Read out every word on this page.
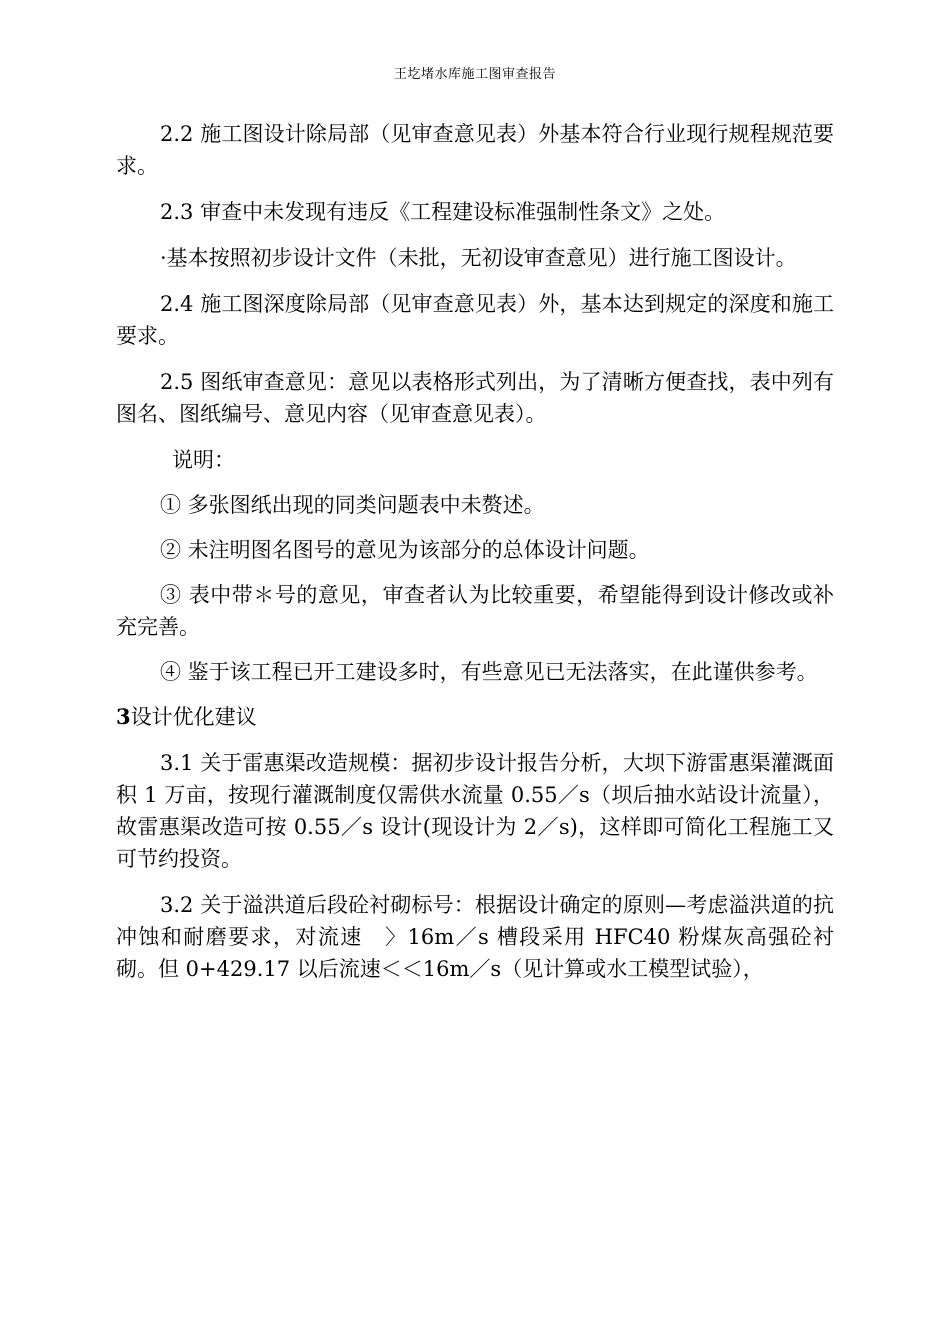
王圪堵水库施工图审查报告

2.2 施工图设计除局部（见审查意见表）外基本符合行业现行规程规范要求。

2.3 审查中未发现有违反《工程建设标准强制性条文》之处。

·基本按照初步设计文件（未批，无初设审查意见）进行施工图设计。

2.4 施工图深度除局部（见审查意见表）外，基本达到规定的深度和施工要求。

2.5 图纸审查意见：意见以表格形式列出，为了清晰方便查找，表中列有图名、图纸编号、意见内容（见审查意见表）。

说明：

① 多张图纸出现的同类问题表中未赘述。

② 未注明图名图号的意见为该部分的总体设计问题。

③ 表中带＊号的意见，审查者认为比较重要，希望能得到设计修改或补充完善。

④ 鉴于该工程已开工建设多时，有些意见已无法落实，在此谨供参考。

3设计优化建议

3.1 关于雷惠渠改造规模：据初步设计报告分析，大坝下游雷惠渠灌溉面积 1 万亩，按现行灌溉制度仅需供水流量 0.55／s（坝后抽水站设计流量），故雷惠渠改造可按 0.55／s 设计(现设计为 2／s)，这样即可简化工程施工又可节约投资。

3.2 关于溢洪道后段砼衬砌标号：根据设计确定的原则—考虑溢洪道的抗冲蚀和耐磨要求，对流速　〉16m／s 槽段采用 HFC40 粉煤灰高强砼衬砌。但 0+429.17 以后流速＜＜16m／s（见计算或水工模型试验），
